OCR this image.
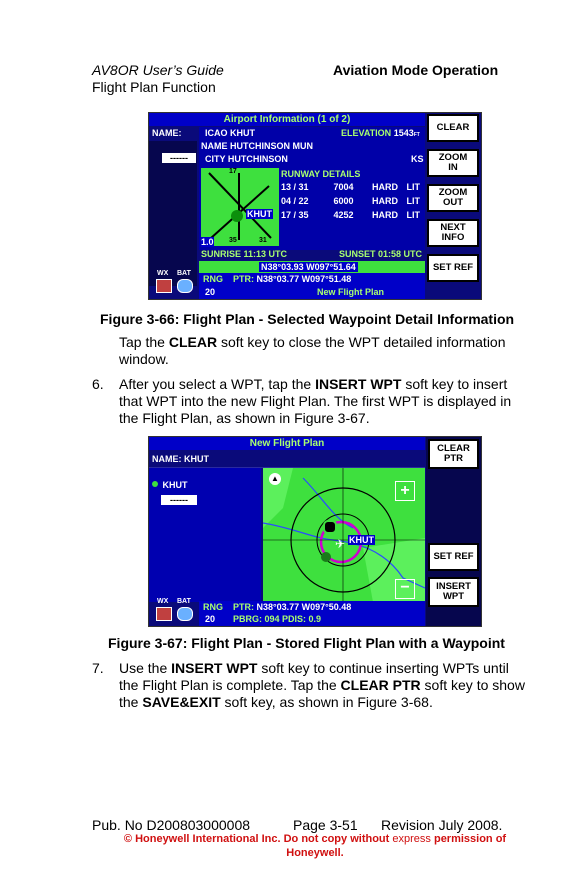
AV8OR User’s Guide
Flight Plan Function
Aviation Mode Operation
Airport Information (1 of 2)
NAME:
------
ICAO KHUT	ELEVATION 1543FT
NAME HUTCHINSON MUN
CITY HUTCHINSON	KS
17
KHUT
1.0 35	31
RUNWAY DETAILS
13 / 31	7004 HARD LIT
04 / 22	6000 HARD LIT
17 / 35	4252 HARD LIT
SUNRISE 11:13 UTC	SUNSET 01:58 UTC
N38°03.93 W097°51.64
WX BAT
RNG
20
PTR: N38°03.77 W097°51.48
New Flight Plan
CLEAR
ZOOM
IN
ZOOM
OUT
NEXT
INFO
SET REF
Figure 3-66: Flight Plan - Selected Waypoint Detail Information
Tap the CLEAR soft key to close the WPT detailed information window.
6. After you select a WPT, tap the INSERT WPT soft key to insert that WPT into the new Flight Plan. The first WPT is displayed in the Flight Plan, as shown in Figure 3-67.
New Flight Plan
NAME: KHUT
KHUT
------
▲
+
−
✈ KHUT
WX BAT
RNG
20
PTR: N38°03.77 W097°50.48
PBRG: 094 PDIS: 0.9
CLEAR
PTR
SET REF
INSERT
WPT
Figure 3-67: Flight Plan - Stored Flight Plan with a Waypoint
7. Use the INSERT WPT soft key to continue inserting WPTs until the Flight Plan is complete. Tap the CLEAR PTR soft key to show the SAVE&EXIT soft key, as shown in Figure 3-68.
Pub. No D200803000008	Page 3-51 Revision July 2008.
© Honeywell International Inc. Do not copy without express permission of
Honeywell.
